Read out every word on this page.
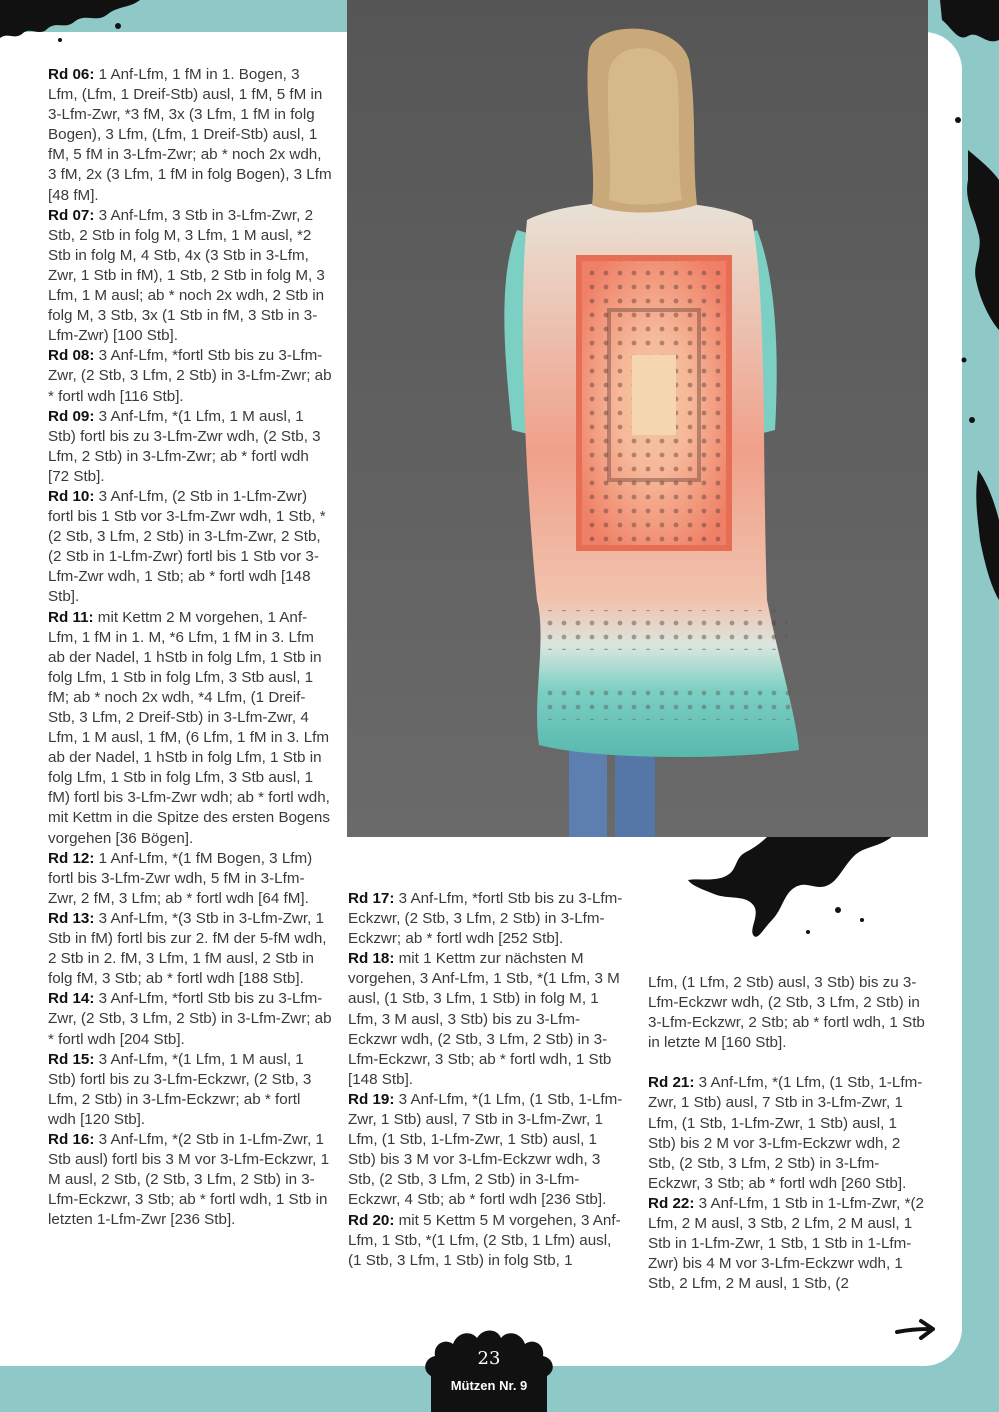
Rd 06: 1 Anf-Lfm, 1 fM in 1. Bogen, 3 Lfm, (Lfm, 1 Dreif-Stb) ausl, 1 fM, 5 fM in 3-Lfm-Zwr, *3 fM, 3x (3 Lfm, 1 fM in folg Bogen), 3 Lfm, (Lfm, 1 Dreif-Stb) ausl, 1 fM, 5 fM in 3-Lfm-Zwr; ab * noch 2x wdh, 3 fM, 2x (3 Lfm, 1 fM in folg Bogen), 3 Lfm [48 fM].

Rd 07: 3 Anf-Lfm, 3 Stb in 3-Lfm-Zwr, 2 Stb, 2 Stb in folg M, 3 Lfm, 1 M ausl, *2 Stb in folg M, 4 Stb, 4x (3 Stb in 3-Lfm, Zwr, 1 Stb in fM), 1 Stb, 2 Stb in folg M, 3 Lfm, 1 M ausl; ab * noch 2x wdh, 2 Stb in folg M, 3 Stb, 3x (1 Stb in fM, 3 Stb in 3-Lfm-Zwr) [100 Stb].

Rd 08: 3 Anf-Lfm, *fortl Stb bis zu 3-Lfm-Zwr, (2 Stb, 3 Lfm, 2 Stb) in 3-Lfm-Zwr; ab * fortl wdh [116 Stb].

Rd 09: 3 Anf-Lfm, *(1 Lfm, 1 M ausl, 1 Stb) fortl bis zu 3-Lfm-Zwr wdh, (2 Stb, 3 Lfm, 2 Stb) in 3-Lfm-Zwr; ab * fortl wdh [72 Stb].

Rd 10: 3 Anf-Lfm, (2 Stb in 1-Lfm-Zwr) fortl bis 1 Stb vor 3-Lfm-Zwr wdh, 1 Stb, *(2 Stb, 3 Lfm, 2 Stb) in 3-Lfm-Zwr, 2 Stb, (2 Stb in 1-Lfm-Zwr) fortl bis 1 Stb vor 3-Lfm-Zwr wdh, 1 Stb; ab * fortl wdh [148 Stb].

Rd 11: mit Kettm 2 M vorgehen, 1 Anf-Lfm, 1 fM in 1. M, *6 Lfm, 1 fM in 3. Lfm ab der Nadel, 1 hStb in folg Lfm, 1 Stb in folg Lfm, 1 Stb in folg Lfm, 3 Stb ausl, 1 fM; ab * noch 2x wdh, *4 Lfm, (1 Dreif-Stb, 3 Lfm, 2 Dreif-Stb) in 3-Lfm-Zwr, 4 Lfm, 1 M ausl, 1 fM, (6 Lfm, 1 fM in 3. Lfm ab der Nadel, 1 hStb in folg Lfm, 1 Stb in folg Lfm, 1 Stb in folg Lfm, 3 Stb ausl, 1 fM) fortl bis 3-Lfm-Zwr wdh; ab * fortl wdh, mit Kettm in die Spitze des ersten Bogens vorgehen [36 Bögen].

Rd 12: 1 Anf-Lfm, *(1 fM Bogen, 3 Lfm) fortl bis 3-Lfm-Zwr wdh, 5 fM in 3-Lfm-Zwr, 2 fM, 3 Lfm; ab * fortl wdh [64 fM].

Rd 13: 3 Anf-Lfm, *(3 Stb in 3-Lfm-Zwr, 1 Stb in fM) fortl bis zur 2. fM der 5-fM wdh, 2 Stb in 2. fM, 3 Lfm, 1 fM ausl, 2 Stb in folg fM, 3 Stb; ab * fortl wdh [188 Stb].

Rd 14: 3 Anf-Lfm, *fortl Stb bis zu 3-Lfm-Zwr, (2 Stb, 3 Lfm, 2 Stb) in 3-Lfm-Zwr; ab * fortl wdh [204 Stb].

Rd 15: 3 Anf-Lfm, *(1 Lfm, 1 M ausl, 1 Stb) fortl bis zu 3-Lfm-Eckzwr, (2 Stb, 3 Lfm, 2 Stb) in 3-Lfm-Eckzwr; ab * fortl wdh [120 Stb].

Rd 16: 3 Anf-Lfm, *(2 Stb in 1-Lfm-Zwr, 1 Stb ausl) fortl bis 3 M vor 3-Lfm-Eckzwr, 1 M ausl, 2 Stb, (2 Stb, 3 Lfm, 2 Stb) in 3-Lfm-Eckzwr, 3 Stb; ab * fortl wdh, 1 Stb in letzten 1-Lfm-Zwr [236 Stb].

Rd 17: 3 Anf-Lfm, *fortl Stb bis zu 3-Lfm-Eckzwr, (2 Stb, 3 Lfm, 2 Stb) in 3-Lfm-Eckzwr; ab * fortl wdh [252 Stb].

Rd 18: mit 1 Kettm zur nächsten M vorgehen, 3 Anf-Lfm, 1 Stb, *(1 Lfm, 3 M ausl, (1 Stb, 3 Lfm, 1 Stb) in folg M, 1 Lfm, 3 M ausl, 3 Stb) bis zu 3-Lfm-Eckzwr wdh, (2 Stb, 3 Lfm, 2 Stb) in 3-Lfm-Eckzwr, 3 Stb; ab * fortl wdh, 1 Stb [148 Stb].

Rd 19: 3 Anf-Lfm, *(1 Lfm, (1 Stb, 1-Lfm-Zwr, 1 Stb) ausl, 7 Stb in 3-Lfm-Zwr, 1 Lfm, (1 Stb, 1-Lfm-Zwr, 1 Stb) ausl, 1 Stb) bis 3 M vor 3-Lfm-Eckzwr wdh, 3 Stb, (2 Stb, 3 Lfm, 2 Stb) in 3-Lfm-Eckzwr, 4 Stb; ab * fortl wdh [236 Stb].

Rd 20: mit 5 Kettm 5 M vorgehen, 3 Anf-Lfm, 1 Stb, *(1 Lfm, (2 Stb, 1 Lfm) ausl, (1 Stb, 3 Lfm, 1 Stb) in folg Stb, 1

Lfm, (1 Lfm, 2 Stb) ausl, 3 Stb) bis zu 3-Lfm-Eckzwr wdh, (2 Stb, 3 Lfm, 2 Stb) in 3-Lfm-Eckzwr, 2 Stb; ab * fortl wdh, 1 Stb in letzte M [160 Stb].

Rd 21: 3 Anf-Lfm, *(1 Lfm, (1 Stb, 1-Lfm-Zwr, 1 Stb) ausl, 7 Stb in 3-Lfm-Zwr, 1 Lfm, (1 Stb, 1-Lfm-Zwr, 1 Stb) ausl, 1 Stb) bis 2 M vor 3-Lfm-Eckzwr wdh, 2 Stb, (2 Stb, 3 Lfm, 2 Stb) in 3-Lfm-Eckzwr, 3 Stb; ab * fortl wdh [260 Stb].

Rd 22: 3 Anf-Lfm, 1 Stb in 1-Lfm-Zwr, *(2 Lfm, 2 M ausl, 3 Stb, 2 Lfm, 2 M ausl, 1 Stb in 1-Lfm-Zwr, 1 Stb, 1 Stb in 1-Lfm-Zwr) bis 4 M vor 3-Lfm-Eckzwr wdh, 1 Stb, 2 Lfm, 2 M ausl, 1 Stb, (2

23
Mützen Nr. 9
